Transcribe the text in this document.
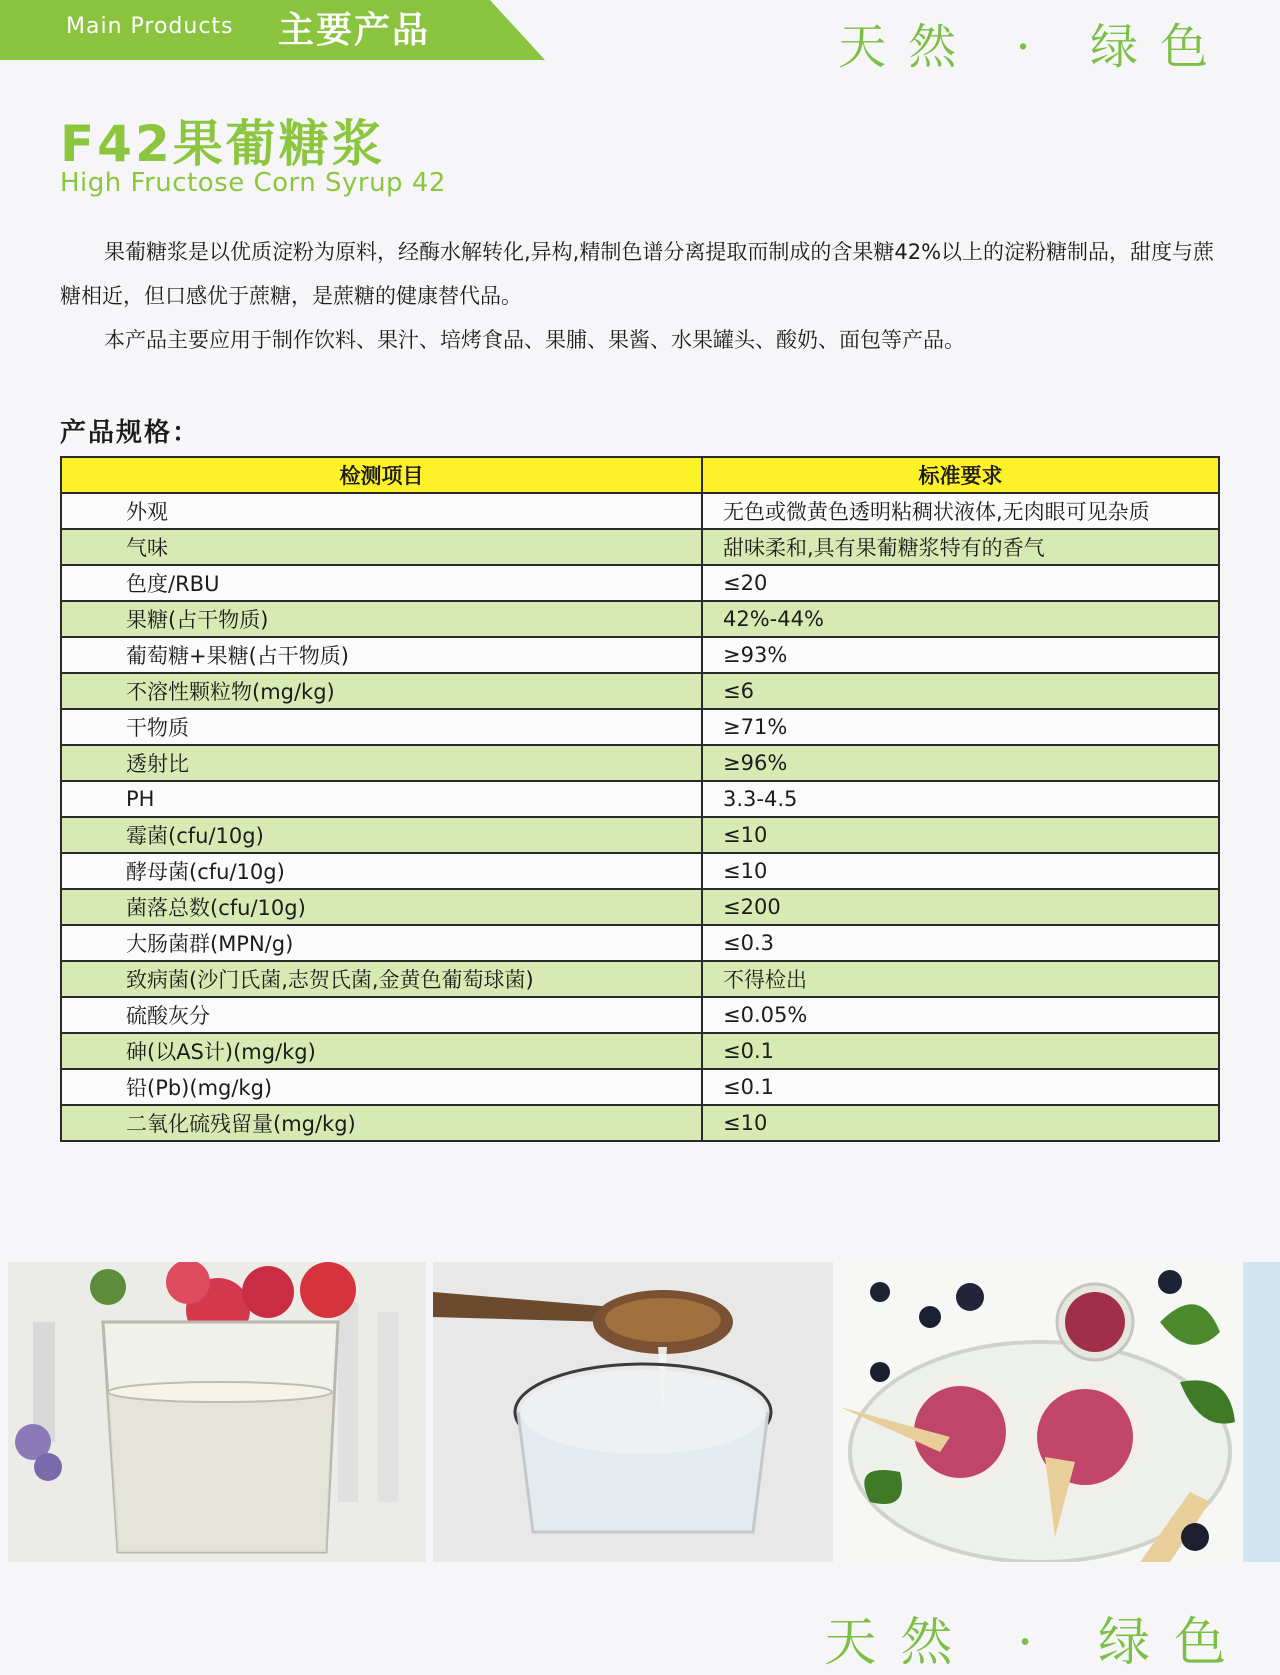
Main Products 主要产品	天然 · 绿色
F42果葡糖浆
High Fructose Corn Syrup 42

果葡糖浆是以优质淀粉为原料，经酶水解转化,异构,精制色谱分离提取而制成的含果糖42%以上的淀粉糖制品，甜度与蔗糖相近，但口感优于蔗糖，是蔗糖的健康替代品。

本产品主要应用于制作饮料、果汁、培烤食品、果脯、果酱、水果罐头、酸奶、面包等产品。

产品规格：
检测项目	标准要求
外观	无色或微黄色透明粘稠状液体,无肉眼可见杂质
气味	甜味柔和,具有果葡糖浆特有的香气
色度/RBU	≤20
果糖(占干物质)	42%-44%
葡萄糖+果糖(占干物质)	≥93%
不溶性颗粒物(mg/kg)	≤6
干物质	≥71%
透射比	≥96%
PH	3.3-4.5
霉菌(cfu/10g)	≤10
酵母菌(cfu/10g)	≤10
菌落总数(cfu/10g)	≤200
大肠菌群(MPN/g)	≤0.3
致病菌(沙门氏菌,志贺氏菌,金黄色葡萄球菌)	不得检出
硫酸灰分	≤0.05%
砷(以AS计)(mg/kg)	≤0.1
铅(Pb)(mg/kg)	≤0.1
二氧化硫残留量(mg/kg)	≤10
天然 · 绿色
